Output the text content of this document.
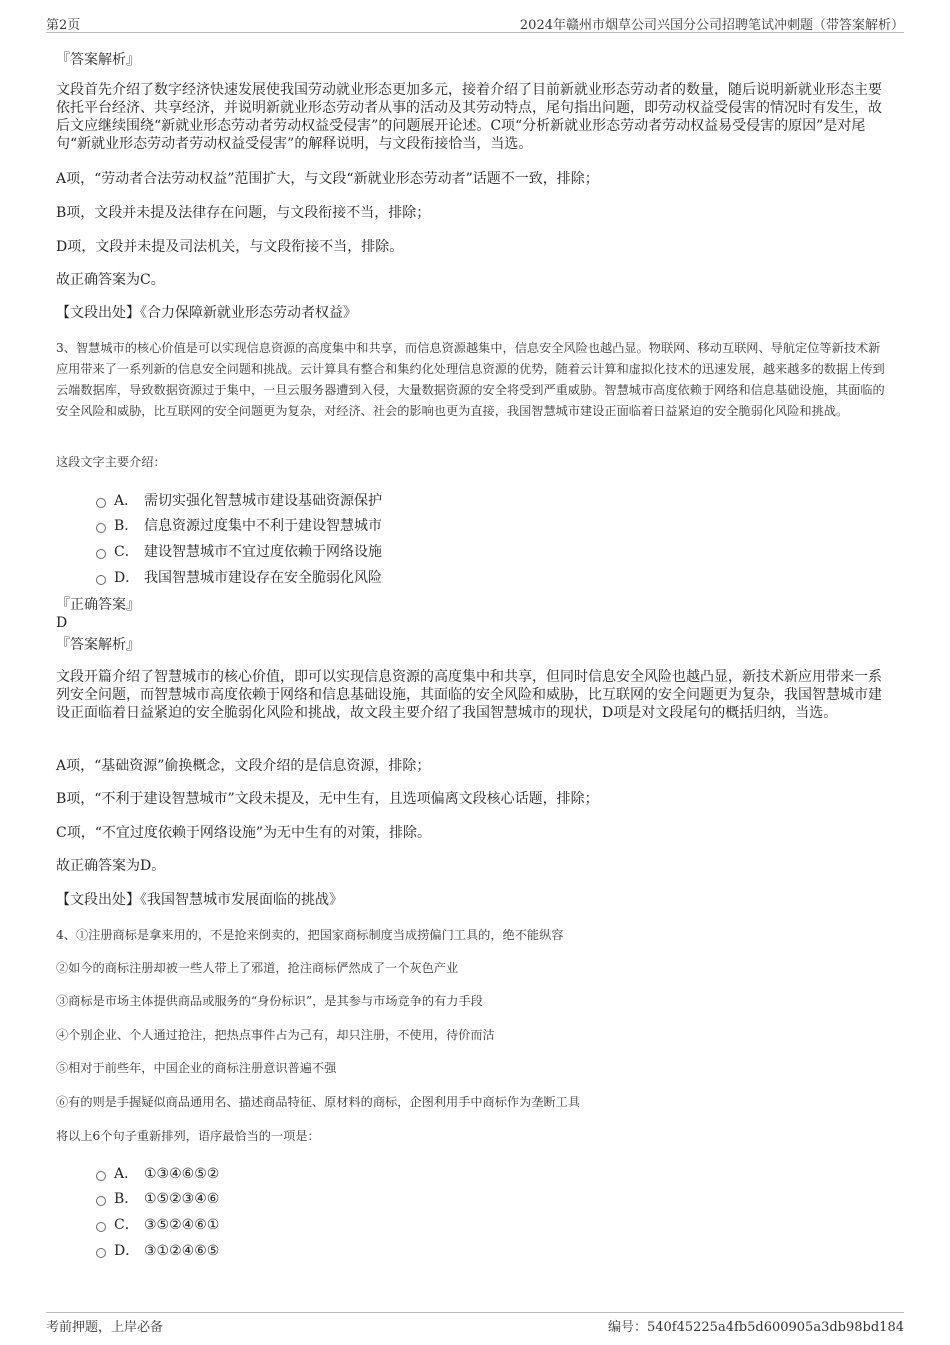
第2页	2024年赣州市烟草公司兴国分公司招聘笔试冲刺题（带答案解析）
『答案解析』

文段首先介绍了数字经济快速发展使我国劳动就业形态更加多元，接着介绍了目前新就业形态劳动者的数量，随后说明新就业形态主要依托平台经济、共享经济，并说明新就业形态劳动者从事的活动及其劳动特点，尾句指出问题，即劳动权益受侵害的情况时有发生，故后文应继续围绕“新就业形态劳动者劳动权益受侵害”的问题展开论述。C项“分析新就业形态劳动者劳动权益易受侵害的原因”是对尾句“新就业形态劳动者劳动权益受侵害”的解释说明，与文段衔接恰当，当选。

A项，“劳动者合法劳动权益”范围扩大，与文段“新就业形态劳动者”话题不一致，排除；
B项，文段并未提及法律存在问题，与文段衔接不当，排除；
D项，文段并未提及司法机关，与文段衔接不当，排除。
故正确答案为C。
【文段出处】《合力保障新就业形态劳动者权益》

3、智慧城市的核心价值是可以实现信息资源的高度集中和共享，而信息资源越集中，信息安全风险也越凸显。物联网、移动互联网、导航定位等新技术新应用带来了一系列新的信息安全问题和挑战。云计算具有整合和集约化处理信息资源的优势，随着云计算和虚拟化技术的迅速发展，越来越多的数据上传到云端数据库，导致数据资源过于集中，一旦云服务器遭到入侵，大量数据资源的安全将受到严重威胁。智慧城市高度依赖于网络和信息基础设施，其面临的安全风险和威胁，比互联网的安全问题更为复杂，对经济、社会的影响也更为直接，我国智慧城市建设正面临着日益紧迫的安全脆弱化风险和挑战。

这段文字主要介绍：
A． 需切实强化智慧城市建设基础资源保护
B． 信息资源过度集中不利于建设智慧城市
C． 建设智慧城市不宜过度依赖于网络设施
D． 我国智慧城市建设存在安全脆弱化风险
『正确答案』
D
『答案解析』

文段开篇介绍了智慧城市的核心价值，即可以实现信息资源的高度集中和共享，但同时信息安全风险也越凸显，新技术新应用带来一系列安全问题，而智慧城市高度依赖于网络和信息基础设施，其面临的安全风险和威胁，比互联网的安全问题更为复杂，我国智慧城市建设正面临着日益紧迫的安全脆弱化风险和挑战，故文段主要介绍了我国智慧城市的现状，D项是对文段尾句的概括归纳，当选。

A项，“基础资源”偷换概念，文段介绍的是信息资源，排除；
B项，“不利于建设智慧城市”文段未提及，无中生有，且选项偏离文段核心话题，排除；
C项，“不宜过度依赖于网络设施”为无中生有的对策，排除。
故正确答案为D。
【文段出处】《我国智慧城市发展面临的挑战》
4、①注册商标是拿来用的，不是抢来倒卖的，把国家商标制度当成捞偏门工具的，绝不能纵容
②如今的商标注册却被一些人带上了邪道，抢注商标俨然成了一个灰色产业
③商标是市场主体提供商品或服务的“身份标识”，是其参与市场竞争的有力手段
④个别企业、个人通过抢注，把热点事件占为己有，却只注册，不使用，待价而沽
⑤相对于前些年，中国企业的商标注册意识普遍不强
⑥有的则是手握疑似商品通用名、描述商品特征、原材料的商标，企图利用手中商标作为垄断工具
将以上6个句子重新排列，语序最恰当的一项是：
A． ①③④⑥⑤②
B． ①⑤②③④⑥
C． ③⑤②④⑥①
D． ③①②④⑥⑤
考前押题，上岸必备	编号：540f45225a4fb5d600905a3db98bd184
